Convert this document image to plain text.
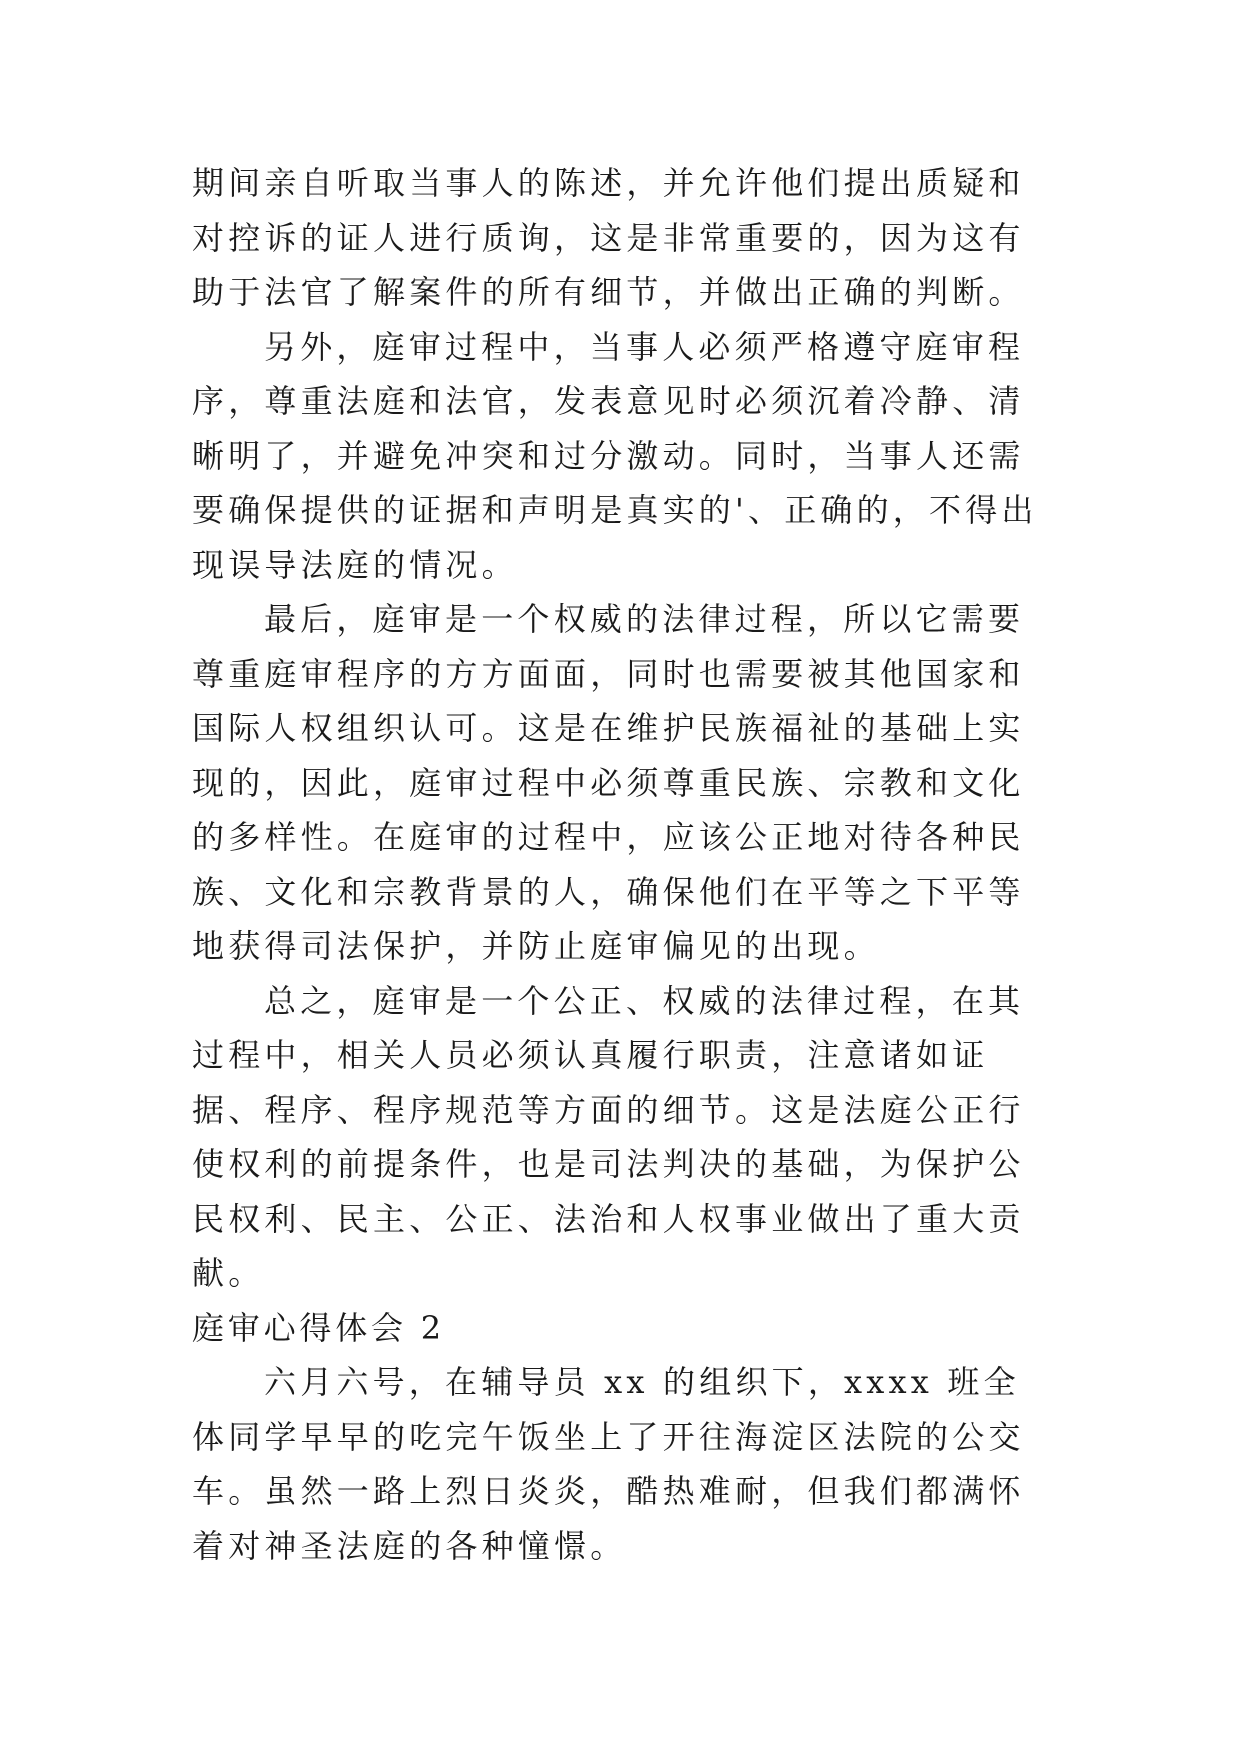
期间亲自听取当事人的陈述，并允许他们提出质疑和对控诉的证人进行质询，这是非常重要的，因为这有助于法官了解案件的所有细节，并做出正确的判断。

另外，庭审过程中，当事人必须严格遵守庭审程序，尊重法庭和法官，发表意见时必须沉着冷静、清晰明了，并避免冲突和过分激动。同时，当事人还需要确保提供的证据和声明是真实的'、正确的，不得出现误导法庭的情况。

最后，庭审是一个权威的法律过程，所以它需要尊重庭审程序的方方面面，同时也需要被其他国家和国际人权组织认可。这是在维护民族福祉的基础上实现的，因此，庭审过程中必须尊重民族、宗教和文化的多样性。在庭审的过程中，应该公正地对待各种民族、文化和宗教背景的人，确保他们在平等之下平等地获得司法保护，并防止庭审偏见的出现。

总之，庭审是一个公正、权威的法律过程，在其过程中，相关人员必须认真履行职责，注意诸如证据、程序、程序规范等方面的细节。这是法庭公正行使权利的前提条件，也是司法判决的基础，为保护公民权利、民主、公正、法治和人权事业做出了重大贡献。

庭审心得体会 2

六月六号，在辅导员 xx 的组织下，xxxx 班全体同学早早的吃完午饭坐上了开往海淀区法院的公交车。虽然一路上烈日炎炎，酷热难耐，但我们都满怀着对神圣法庭的各种憧憬。
